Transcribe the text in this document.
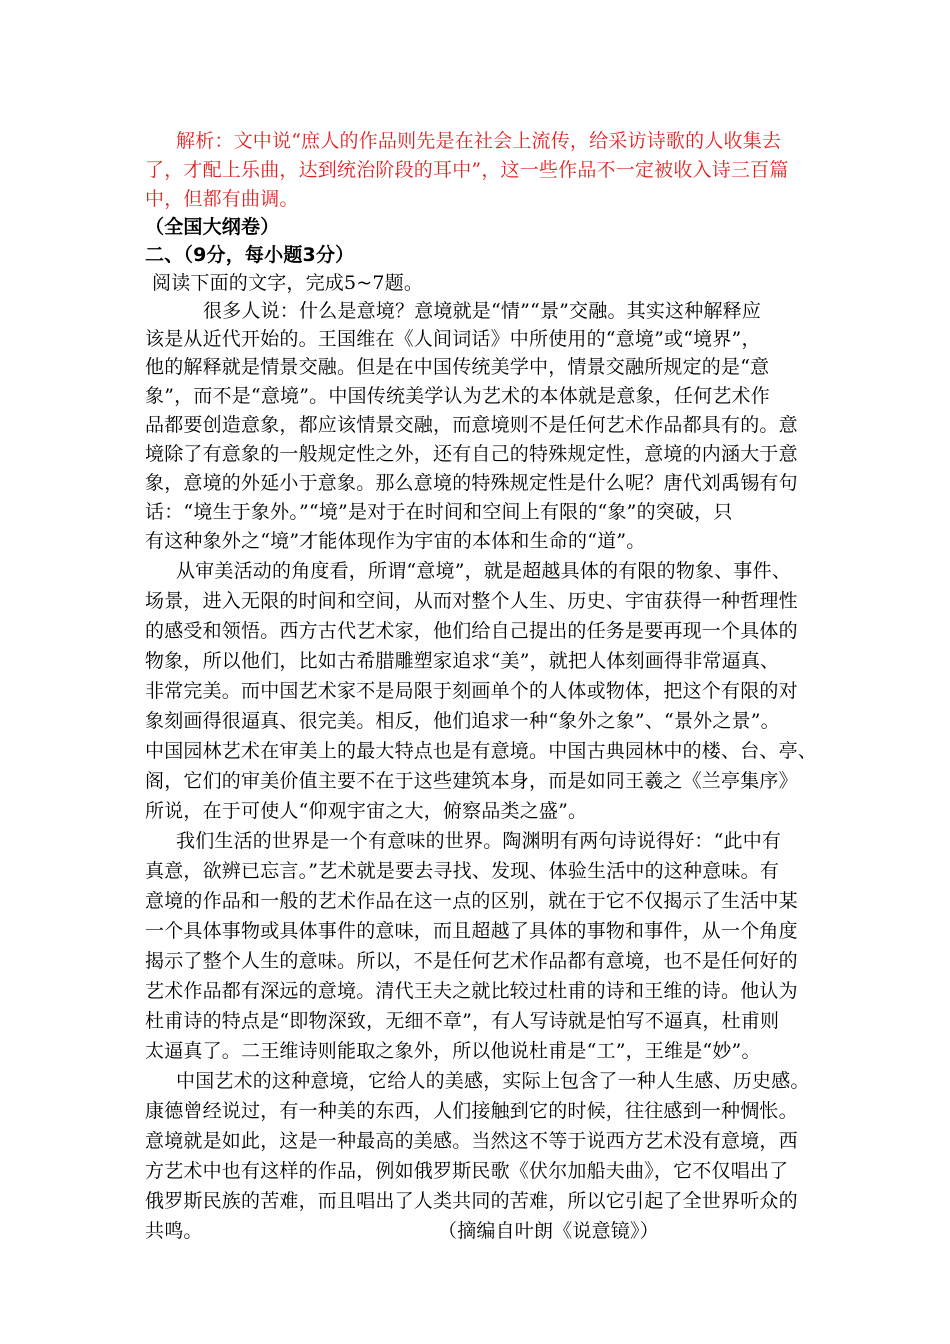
解析：文中说“庶人的作品则先是在社会上流传，给采访诗歌的人收集去
了，才配上乐曲，达到统治阶段的耳中”，这一些作品不一定被收入诗三百篇
中，但都有曲调。
（全国大纲卷）
二、（9分，每小题3分）
阅读下面的文字，完成5~7题。
很多人说：什么是意境？意境就是“情”“景”交融。其实这种解释应
该是从近代开始的。王国维在《人间词话》中所使用的“意境”或“境界”，
他的解释就是情景交融。但是在中国传统美学中，情景交融所规定的是“意
象”，而不是“意境”。中国传统美学认为艺术的本体就是意象，任何艺术作
品都要创造意象，都应该情景交融，而意境则不是任何艺术作品都具有的。意
境除了有意象的一般规定性之外，还有自己的特殊规定性，意境的内涵大于意
象，意境的外延小于意象。那么意境的特殊规定性是什么呢？唐代刘禹锡有句
话：“境生于象外。”“境”是对于在时间和空间上有限的“象”的突破，只
有这种象外之“境”才能体现作为宇宙的本体和生命的“道”。
从审美活动的角度看，所谓“意境”，就是超越具体的有限的物象、事件、
场景，进入无限的时间和空间，从而对整个人生、历史、宇宙获得一种哲理性
的感受和领悟。西方古代艺术家，他们给自己提出的任务是要再现一个具体的
物象，所以他们，比如古希腊雕塑家追求“美”，就把人体刻画得非常逼真、
非常完美。而中国艺术家不是局限于刻画单个的人体或物体，把这个有限的对
象刻画得很逼真、很完美。相反，他们追求一种“象外之象”、“景外之景”。
中国园林艺术在审美上的最大特点也是有意境。中国古典园林中的楼、台、亭、
阁，它们的审美价值主要不在于这些建筑本身，而是如同王羲之《兰亭集序》
所说，在于可使人“仰观宇宙之大，俯察品类之盛”。
我们生活的世界是一个有意味的世界。陶渊明有两句诗说得好：“此中有
真意，欲辨已忘言。”艺术就是要去寻找、发现、体验生活中的这种意味。有
意境的作品和一般的艺术作品在这一点的区别，就在于它不仅揭示了生活中某
一个具体事物或具体事件的意味，而且超越了具体的事物和事件，从一个角度
揭示了整个人生的意味。所以，不是任何艺术作品都有意境，也不是任何好的
艺术作品都有深远的意境。清代王夫之就比较过杜甫的诗和王维的诗。他认为
杜甫诗的特点是“即物深致，无细不章”，有人写诗就是怕写不逼真，杜甫则
太逼真了。二王维诗则能取之象外，所以他说杜甫是“工”，王维是“妙”。
中国艺术的这种意境，它给人的美感，实际上包含了一种人生感、历史感。
康德曾经说过，有一种美的东西，人们接触到它的时候，往往感到一种惆怅。
意境就是如此，这是一种最高的美感。当然这不等于说西方艺术没有意境，西
方艺术中也有这样的作品，例如俄罗斯民歌《伏尔加船夫曲》，它不仅唱出了
俄罗斯民族的苦难，而且唱出了人类共同的苦难，所以它引起了全世界听众的
共鸣。	（摘编自叶朗《说意镜》）
